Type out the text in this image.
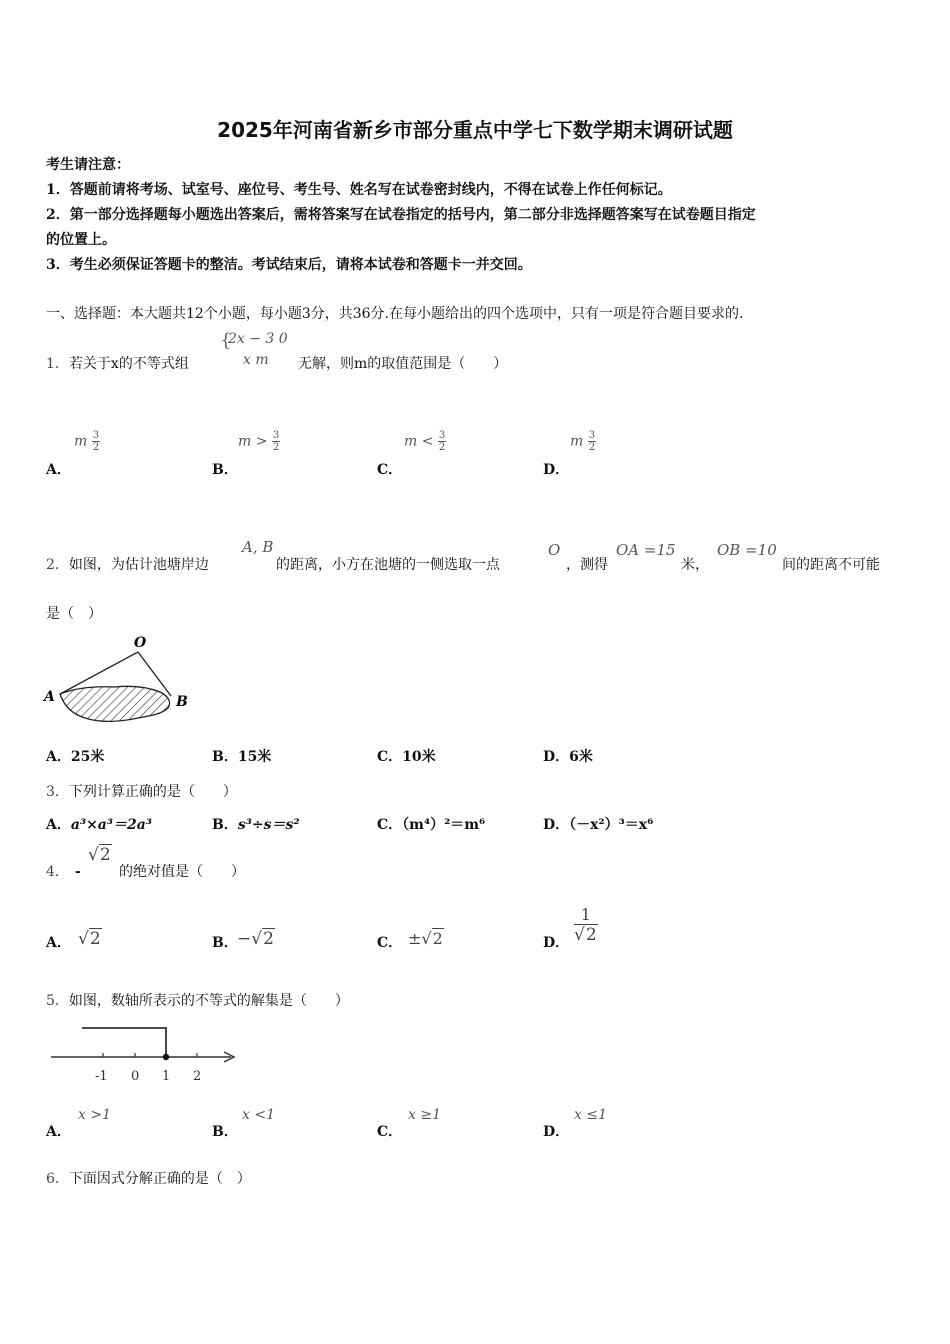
2025年河南省新乡市部分重点中学七下数学期末调研试题
考生请注意：
1．答题前请将考场、试室号、座位号、考生号、姓名写在试卷密封线内，不得在试卷上作任何标记。
2．第一部分选择题每小题选出答案后，需将答案写在试卷指定的括号内，第二部分非选择题答案写在试卷题目指定
的位置上。
3．考生必须保证答题卡的整洁。考试结束后，请将本试卷和答题卡一并交回。
一、选择题：本大题共12个小题，每小题3分，共36分.在每小题给出的四个选项中，只有一项是符合题目要求的.
1．若关于x的不等式组
{
2x − 3 0
x m 无解，则m的取值范围是（　　）
m $\frac{3}{2}$
A．
$m > \frac{3}{2}$
B．
$m < \frac{3}{2}$
C．
m $\frac{3}{2}$
D．
2．如图，为估计池塘岸边
A, B
的距离，小方在池塘的一侧选取一点
O
，测得
OA =15
米，
OB =10
间的距离不可能
是（　）
O
A	B
A．25米	B．15米	C．10米	D．6米
3．下列计算正确的是（　　）
A．a³×a³＝2a³	B．s³÷s＝s²	C．（m⁴）²＝m⁶	D．（－x²）³＝x⁶
4． -
√2
的绝对值是（　　）
A． √2	B． −√2	C． ±√2	D．
1
√2
5．如图，数轴所表示的不等式的解集是（　　）
-1 0 1 2
x >1
A．
x <1
B．
x ≥1
C．
x ≤1
D．
6．下面因式分解正确的是（　）
